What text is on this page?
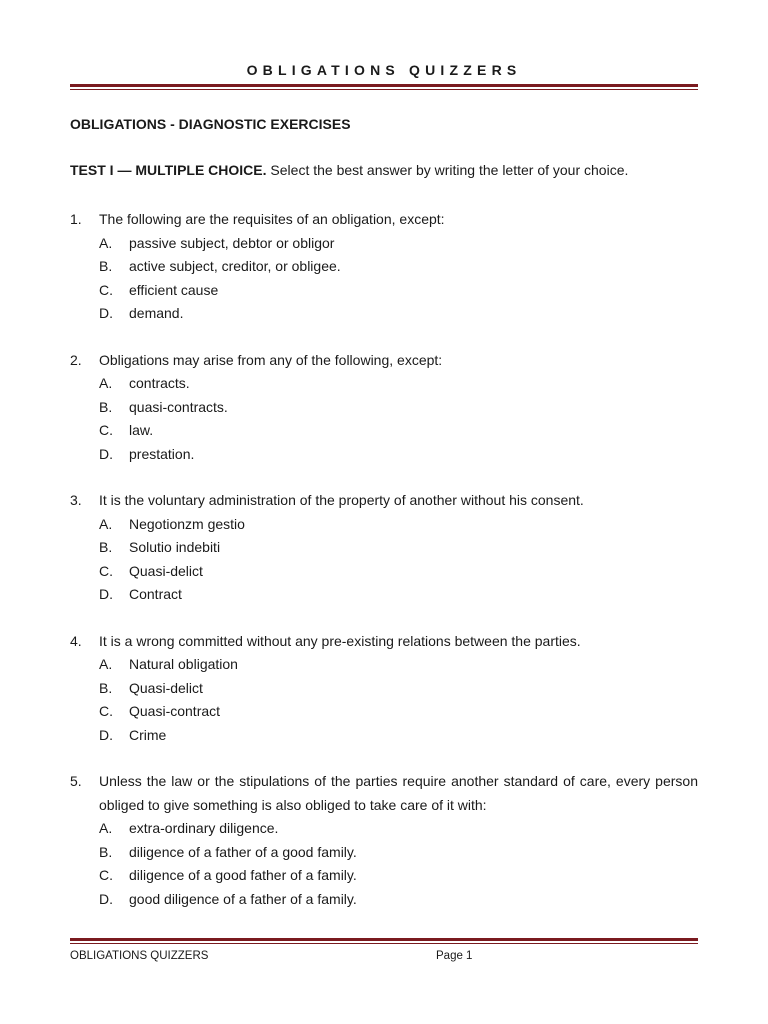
OBLIGATIONS QUIZZERS
OBLIGATIONS - DIAGNOSTIC EXERCISES
TEST I — MULTIPLE CHOICE. Select the best answer by writing the letter of your choice.
1.	The following are the requisites of an obligation, except:
A.	passive subject, debtor or obligor
B.	active subject, creditor, or obligee.
C.	efficient cause
D.	demand.
2.	Obligations may arise from any of the following, except:
A.	contracts.
B.	quasi-contracts.
C.	law.
D.	prestation.
3.	It is the voluntary administration of the property of another without his consent.
A.	Negotionzm gestio
B.	Solutio indebiti
C.	Quasi-delict
D.	Contract
4.	It is a wrong committed without any pre-existing relations between the parties.
A.	Natural obligation
B.	Quasi-delict
C.	Quasi-contract
D.	Crime
5.	Unless the law or the stipulations of the parties require another standard of care, every person obliged to give something is also obliged to take care of it with:
A.	extra-ordinary diligence.
B.	diligence of a father of a good family.
C.	diligence of a good father of a family.
D.	good diligence of a father of a family.
OBLIGATIONS QUIZZERS	Page 1
